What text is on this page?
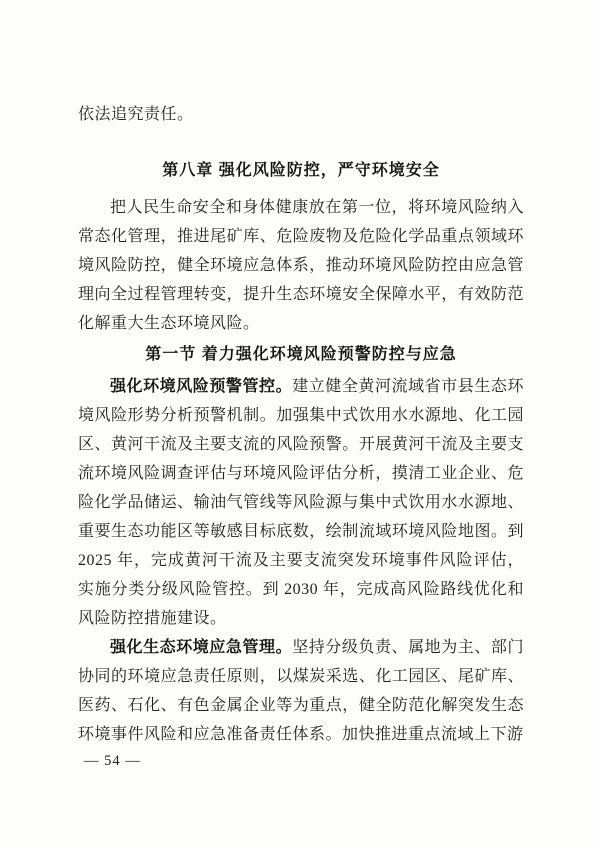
依法追究责任。

第八章 强化风险防控，严守环境安全

把人民生命安全和身体健康放在第一位，将环境风险纳入常态化管理，推进尾矿库、危险废物及危险化学品重点领域环境风险防控，健全环境应急体系，推动环境风险防控由应急管理向全过程管理转变，提升生态环境安全保障水平，有效防范化解重大生态环境风险。

第一节 着力强化环境风险预警防控与应急

强化环境风险预警管控。建立健全黄河流域省市县生态环境风险形势分析预警机制。加强集中式饮用水水源地、化工园区、黄河干流及主要支流的风险预警。开展黄河干流及主要支流环境风险调查评估与环境风险评估分析，摸清工业企业、危险化学品储运、输油气管线等风险源与集中式饮用水水源地、重要生态功能区等敏感目标底数，绘制流域环境风险地图。到 2025 年，完成黄河干流及主要支流突发环境事件风险评估，实施分类分级风险管控。到 2030 年，完成高风险路线优化和风险防控措施建设。

强化生态环境应急管理。坚持分级负责、属地为主、部门协同的环境应急责任原则，以煤炭采选、化工园区、尾矿库、医药、石化、有色金属企业等为重点，健全防范化解突发生态环境事件风险和应急准备责任体系。加快推进重点流域上下游

— 54 —
